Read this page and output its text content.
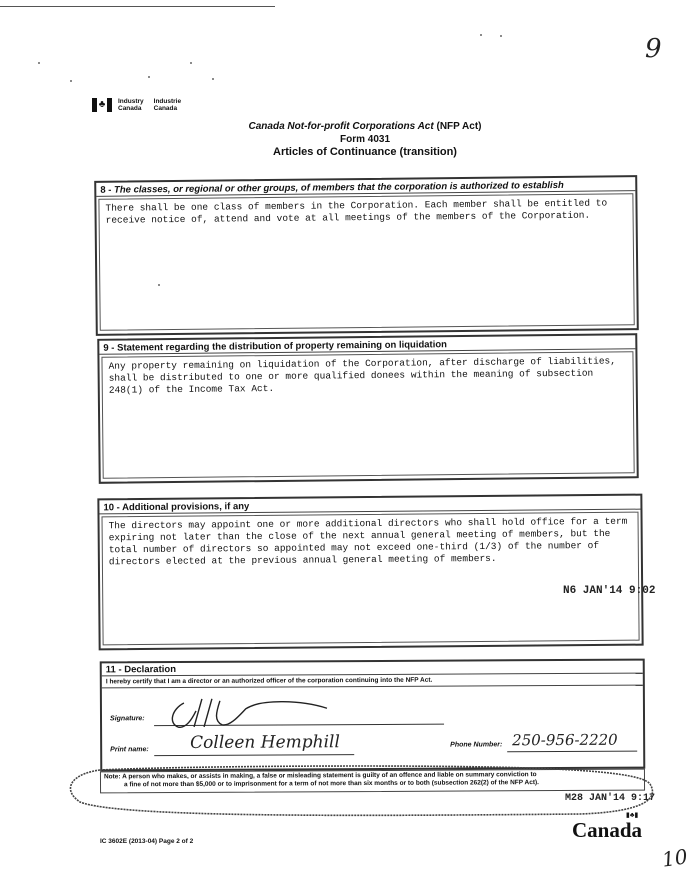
9
♣ Industry
Canada
Industrie
Canada
Canada Not-for-profit Corporations Act (NFP Act)
Form 4031
Articles of Continuance (transition)
8 - The classes, or regional or other groups, of members that the corporation is authorized to establish
There shall be one class of members in the Corporation. Each member shall be entitled to receive notice of, attend and vote at all meetings of the members of the Corporation.
9 - Statement regarding the distribution of property remaining on liquidation
Any property remaining on liquidation of the Corporation, after discharge of liabilities, shall be distributed to one or more qualified donees within the meaning of subsection 248(1) of the Income Tax Act.
10 - Additional provisions, if any
The directors may appoint one or more additional directors who shall hold office for a term expiring not later than the close of the next annual general meeting of members, but the total number of directors so appointed may not exceed one-third (1/3) of the number of directors elected at the previous annual general meeting of members.
N6 JAN'14 9:02
11 - Declaration
I hereby certify that I am a director or an authorized officer of the corporation continuing into the NFP Act.
Signature:
Print name: Colleen Hemphill	Phone Number: 250-956-2220
Note: A person who makes, or assists in making, a false or misleading statement is guilty of an offence and liable on summary conviction to
a fine of not more than $5,000 or to imprisonment for a term of not more than six months or to both (subsection 262(2) of the NFP Act).
M28 JAN'14 9:17
IC 3602E (2013-04) Page 2 of 2	Canada
▮♣▮
10
